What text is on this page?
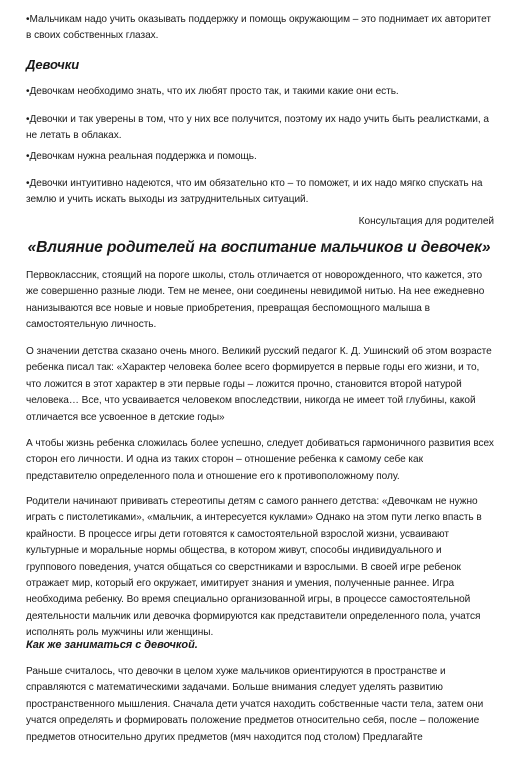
•Мальчикам надо учить оказывать поддержку и помощь окружающим – это поднимает их авторитет в своих собственных глазах.

Девочки

•Девочкам необходимо знать, что их любят просто так, и такими какие они есть.

•Девочки и так уверены в том, что у них все получится, поэтому их надо учить быть реалистками, а не летать в облаках.

•Девочкам нужна реальная поддержка и помощь.

•Девочки интуитивно надеются, что им обязательно кто – то поможет, и их надо мягко спускать на землю и учить искать выходы из затруднительных ситуаций.

Консультация для родителей

«Влияние родителей на воспитание мальчиков и девочек»

Первоклассник, стоящий на пороге школы, столь отличается от новорожденного, что кажется, это же совершенно разные люди. Тем не менее, они соединены невидимой нитью. На нее ежедневно нанизываются все новые и новые приобретения, превращая беспомощного малыша в самостоятельную личность.

О значении детства сказано очень много. Великий русский педагог К. Д. Ушинский об этом возрасте ребенка писал так: «Характер человека более всего формируется в первые годы его жизни, и то, что ложится в этот характер в эти первые годы – ложится прочно, становится второй натурой человека… Все, что усваивается человеком впоследствии, никогда не имеет той глубины, какой отличается все усвоенное в детские годы»

А чтобы жизнь ребенка сложилась более успешно, следует добиваться гармоничного развития всех сторон его личности. И одна из таких сторон – отношение ребенка к самому себе как представителю определенного пола и отношение его к противоположному полу.

Родители начинают прививать стереотипы детям с самого раннего детства: «Девочкам не нужно играть с пистолетиками», «мальчик, а интересуется куклами» Однако на этом пути легко впасть в крайности. В процессе игры дети готовятся к самостоятельной взрослой жизни, усваивают культурные и моральные нормы общества, в котором живут, способы индивидуального и группового поведения, учатся общаться со сверстниками и взрослыми. В своей игре ребенок отражает мир, который его окружает, имитирует знания и умения, полученные раннее. Игра необходима ребенку. Во время специально организованной игры, в процессе самостоятельной деятельности мальчик или девочка формируются как представители определенного пола, учатся исполнять роль мужчины или женщины.

Как же заниматься с девочкой.

Раньше считалось, что девочки в целом хуже мальчиков ориентируются в пространстве и справляются с математическими задачами. Больше внимания следует уделять развитию пространственного мышления. Сначала дети учатся находить собственные части тела, затем они учатся определять и формировать положение предметов относительно себя, после – положение предметов относительно других предметов (мяч находится под столом) Предлагайте
